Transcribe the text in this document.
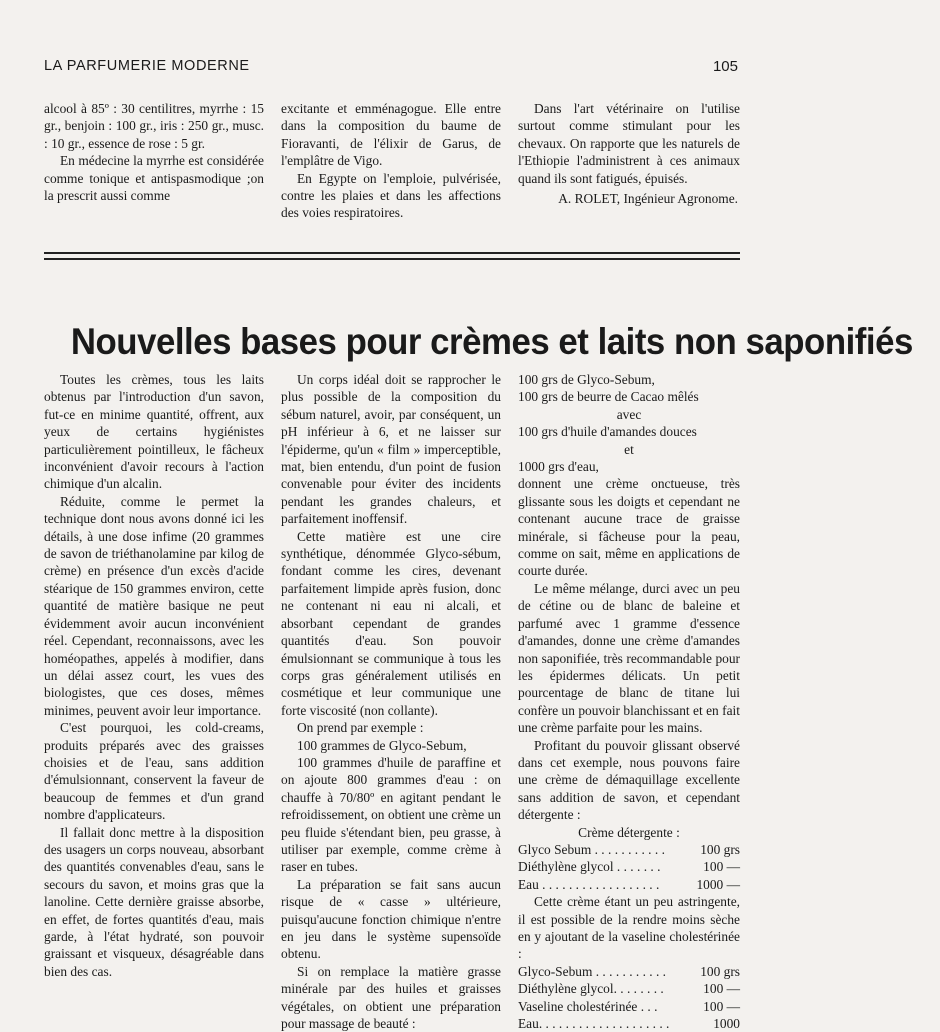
LA PARFUMERIE MODERNE	105

alcool à 85º : 30 centilitres, myrrhe : 15 gr., benjoin : 100 gr., iris : 250 gr., musc. : 10 gr., essence de rose : 5 gr.

En médecine la myrrhe est considérée comme tonique et antispasmodique ;on la prescrit aussi comme

excitante et emménagogue. Elle entre dans la composition du baume de Fioravanti, de l'élixir de Garus, de l'emplâtre de Vigo.

En Egypte on l'emploie, pulvérisée, contre les plaies et dans les affections des voies respiratoires.

Dans l'art vétérinaire on l'utilise surtout comme stimulant pour les chevaux. On rapporte que les naturels de l'Ethiopie l'administrent à ces animaux quand ils sont fatigués, épuisés.

A. ROLET, Ingénieur Agronome.

Nouvelles bases pour crèmes et laits non saponifiés

Toutes les crèmes, tous les laits obtenus par l'introduction d'un savon, fut-ce en minime quantité, offrent, aux yeux de certains hygiénistes particulièrement pointilleux, le fâcheux inconvénient d'avoir recours à l'action chimique d'un alcalin.

Réduite, comme le permet la technique dont nous avons donné ici les détails, à une dose infime (20 grammes de savon de triéthanolamine par kilog de crème) en présence d'un excès d'acide stéarique de 150 grammes environ, cette quantité de matière basique ne peut évidemment avoir aucun inconvénient réel. Cependant, reconnaissons, avec les homéopathes, appelés à modifier, dans un délai assez court, les vues des biologistes, que ces doses, mêmes minimes, peuvent avoir leur importance.

C'est pourquoi, les cold-creams, produits préparés avec des graisses choisies et de l'eau, sans addition d'émulsionnant, conservent la faveur de beaucoup de femmes et d'un grand nombre d'applicateurs.

Il fallait donc mettre à la disposition des usagers un corps nouveau, absorbant des quantités convenables d'eau, sans le secours du savon, et moins gras que la lanoline. Cette dernière graisse absorbe, en effet, de fortes quantités d'eau, mais garde, à l'état hydraté, son pouvoir graissant et visqueux, désagréable dans bien des cas.

Un corps idéal doit se rapprocher le plus possible de la composition du sébum naturel, avoir, par conséquent, un pH inférieur à 6, et ne laisser sur l'épiderme, qu'un « film » imperceptible, mat, bien entendu, d'un point de fusion convenable pour éviter des incidents pendant les grandes chaleurs, et parfaitement inoffensif.

Cette matière est une cire synthétique, dénommée Glyco-sébum, fondant comme les cires, devenant parfaitement limpide après fusion, donc ne contenant ni eau ni alcali, et absorbant cependant de grandes quantités d'eau. Son pouvoir émulsionnant se communique à tous les corps gras généralement utilisés en cosmétique et leur communique une forte viscosité (non collante).

On prend par exemple :

100 grammes de Glyco-Sebum,

100 grammes d'huile de paraffine et on ajoute 800 grammes d'eau : on chauffe à 70/80º en agitant pendant le refroidissement, on obtient une crème un peu fluide s'étendant bien, peu grasse, à utiliser par exemple, comme crème à raser en tubes.

La préparation se fait sans aucun risque de « casse » ultérieure, puisqu'aucune fonction chimique n'entre en jeu dans le système supensoïde obtenu.

Si on remplace la matière grasse minérale par des huiles et graisses végétales, on obtient une préparation pour massage de beauté :

100 grs de Glyco-Sebum,

100 grs de beurre de Cacao mêlés

avec

100 grs d'huile d'amandes douces

et

1000 grs d'eau,

donnent une crème onctueuse, très glissante sous les doigts et cependant ne contenant aucune trace de graisse minérale, si fâcheuse pour la peau, comme on sait, même en applications de courte durée.

Le même mélange, durci avec un peu de cétine ou de blanc de baleine et parfumé avec 1 gramme d'essence d'amandes, donne une crème d'amandes non saponifiée, très recommandable pour les épidermes délicats. Un petit pourcentage de blanc de titane lui confère un pouvoir blanchissant et en fait une crème parfaite pour les mains.

Profitant du pouvoir glissant observé dans cet exemple, nous pouvons faire une crème de démaquillage excellente sans addition de savon, et cependant détergente :

Crème détergente :

Glyco Sebum . . . . . . . . . . .	100 grs
Diéthylène glycol . . . . . . .	100 —
Eau . . . . . . . . . . . . . . . . . .	1000 —

Cette crème étant un peu astringente, il est possible de la rendre moins sèche en y ajoutant de la vaseline cholestérinée :

Glyco-Sebum . . . . . . . . . . .	100 grs
Diéthylène glycol. . . . . . . .	100 —
Vaseline cholestérinée . . .	100 —
Eau. . . . . . . . . . . . . . . . . . . .	1000
